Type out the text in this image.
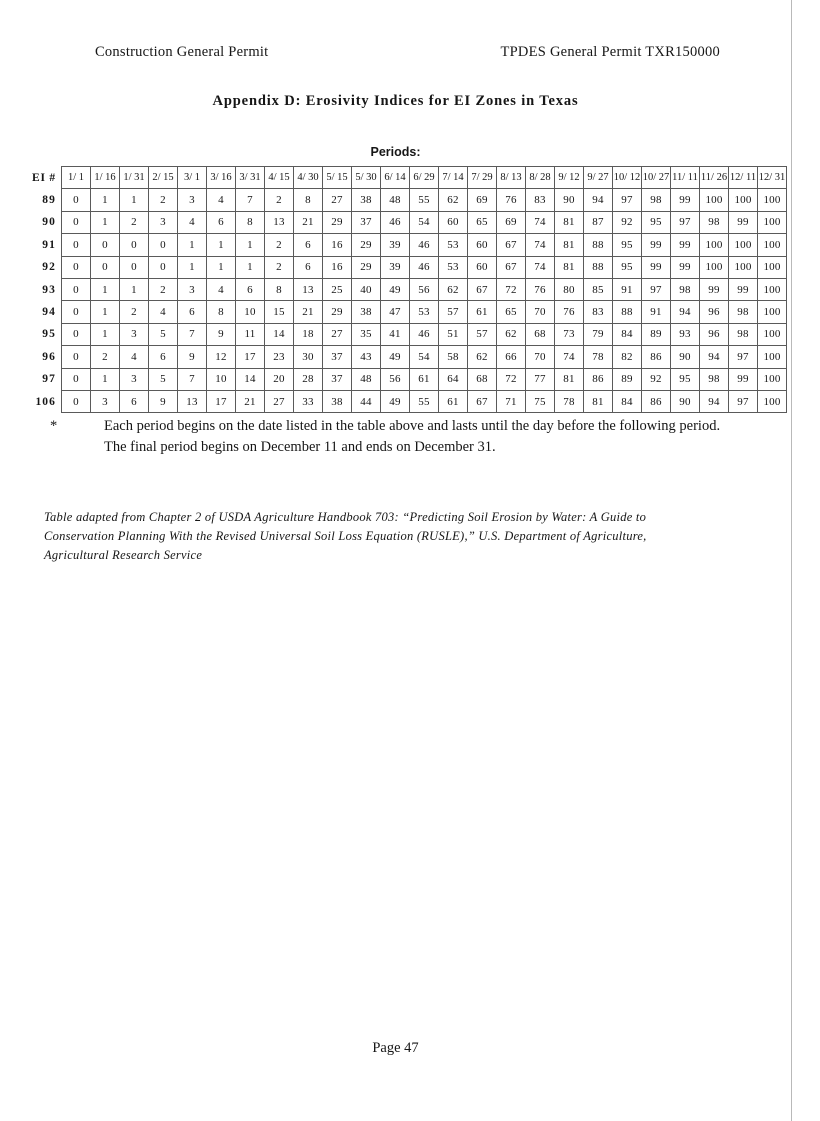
Construction General Permit	TPDES General Permit TXR150000
Appendix D: Erosivity Indices for EI Zones in Texas
Periods:
EI #	1/ 1	1/ 16	1/ 31	2/ 15	3/ 1	3/ 16	3/ 31	4/ 15	4/ 30	5/ 15	5/ 30	6/ 14	6/ 29	7/ 14	7/ 29	8/ 13	8/ 28	9/ 12	9/ 27	10/ 12	10/ 27	11/ 11	11/ 26	12/ 11	12/ 31
89	0	1	1	2	3	4	7	2	8	27	38	48	55	62	69	76	83	90	94	97	98	99	100	100	100
90	0	1	2	3	4	6	8	13	21	29	37	46	54	60	65	69	74	81	87	92	95	97	98	99	100
91	0	0	0	0	1	1	1	2	6	16	29	39	46	53	60	67	74	81	88	95	99	99	100	100	100
92	0	0	0	0	1	1	1	2	6	16	29	39	46	53	60	67	74	81	88	95	99	99	100	100	100
93	0	1	1	2	3	4	6	8	13	25	40	49	56	62	67	72	76	80	85	91	97	98	99	99	100
94	0	1	2	4	6	8	10	15	21	29	38	47	53	57	61	65	70	76	83	88	91	94	96	98	100
95	0	1	3	5	7	9	11	14	18	27	35	41	46	51	57	62	68	73	79	84	89	93	96	98	100
96	0	2	4	6	9	12	17	23	30	37	43	49	54	58	62	66	70	74	78	82	86	90	94	97	100
97	0	1	3	5	7	10	14	20	28	37	48	56	61	64	68	72	77	81	86	89	92	95	98	99	100
106	0	3	6	9	13	17	21	27	33	38	44	49	55	61	67	71	75	78	81	84	86	90	94	97	100
*	Each period begins on the date listed in the table above and lasts until the day before the following period. The final period begins on December 11 and ends on December 31.
Table adapted from Chapter 2 of USDA Agriculture Handbook 703: “Predicting Soil Erosion by Water: A Guide to Conservation Planning With the Revised Universal Soil Loss Equation (RUSLE),” U.S. Department of Agriculture, Agricultural Research Service
Page 47
